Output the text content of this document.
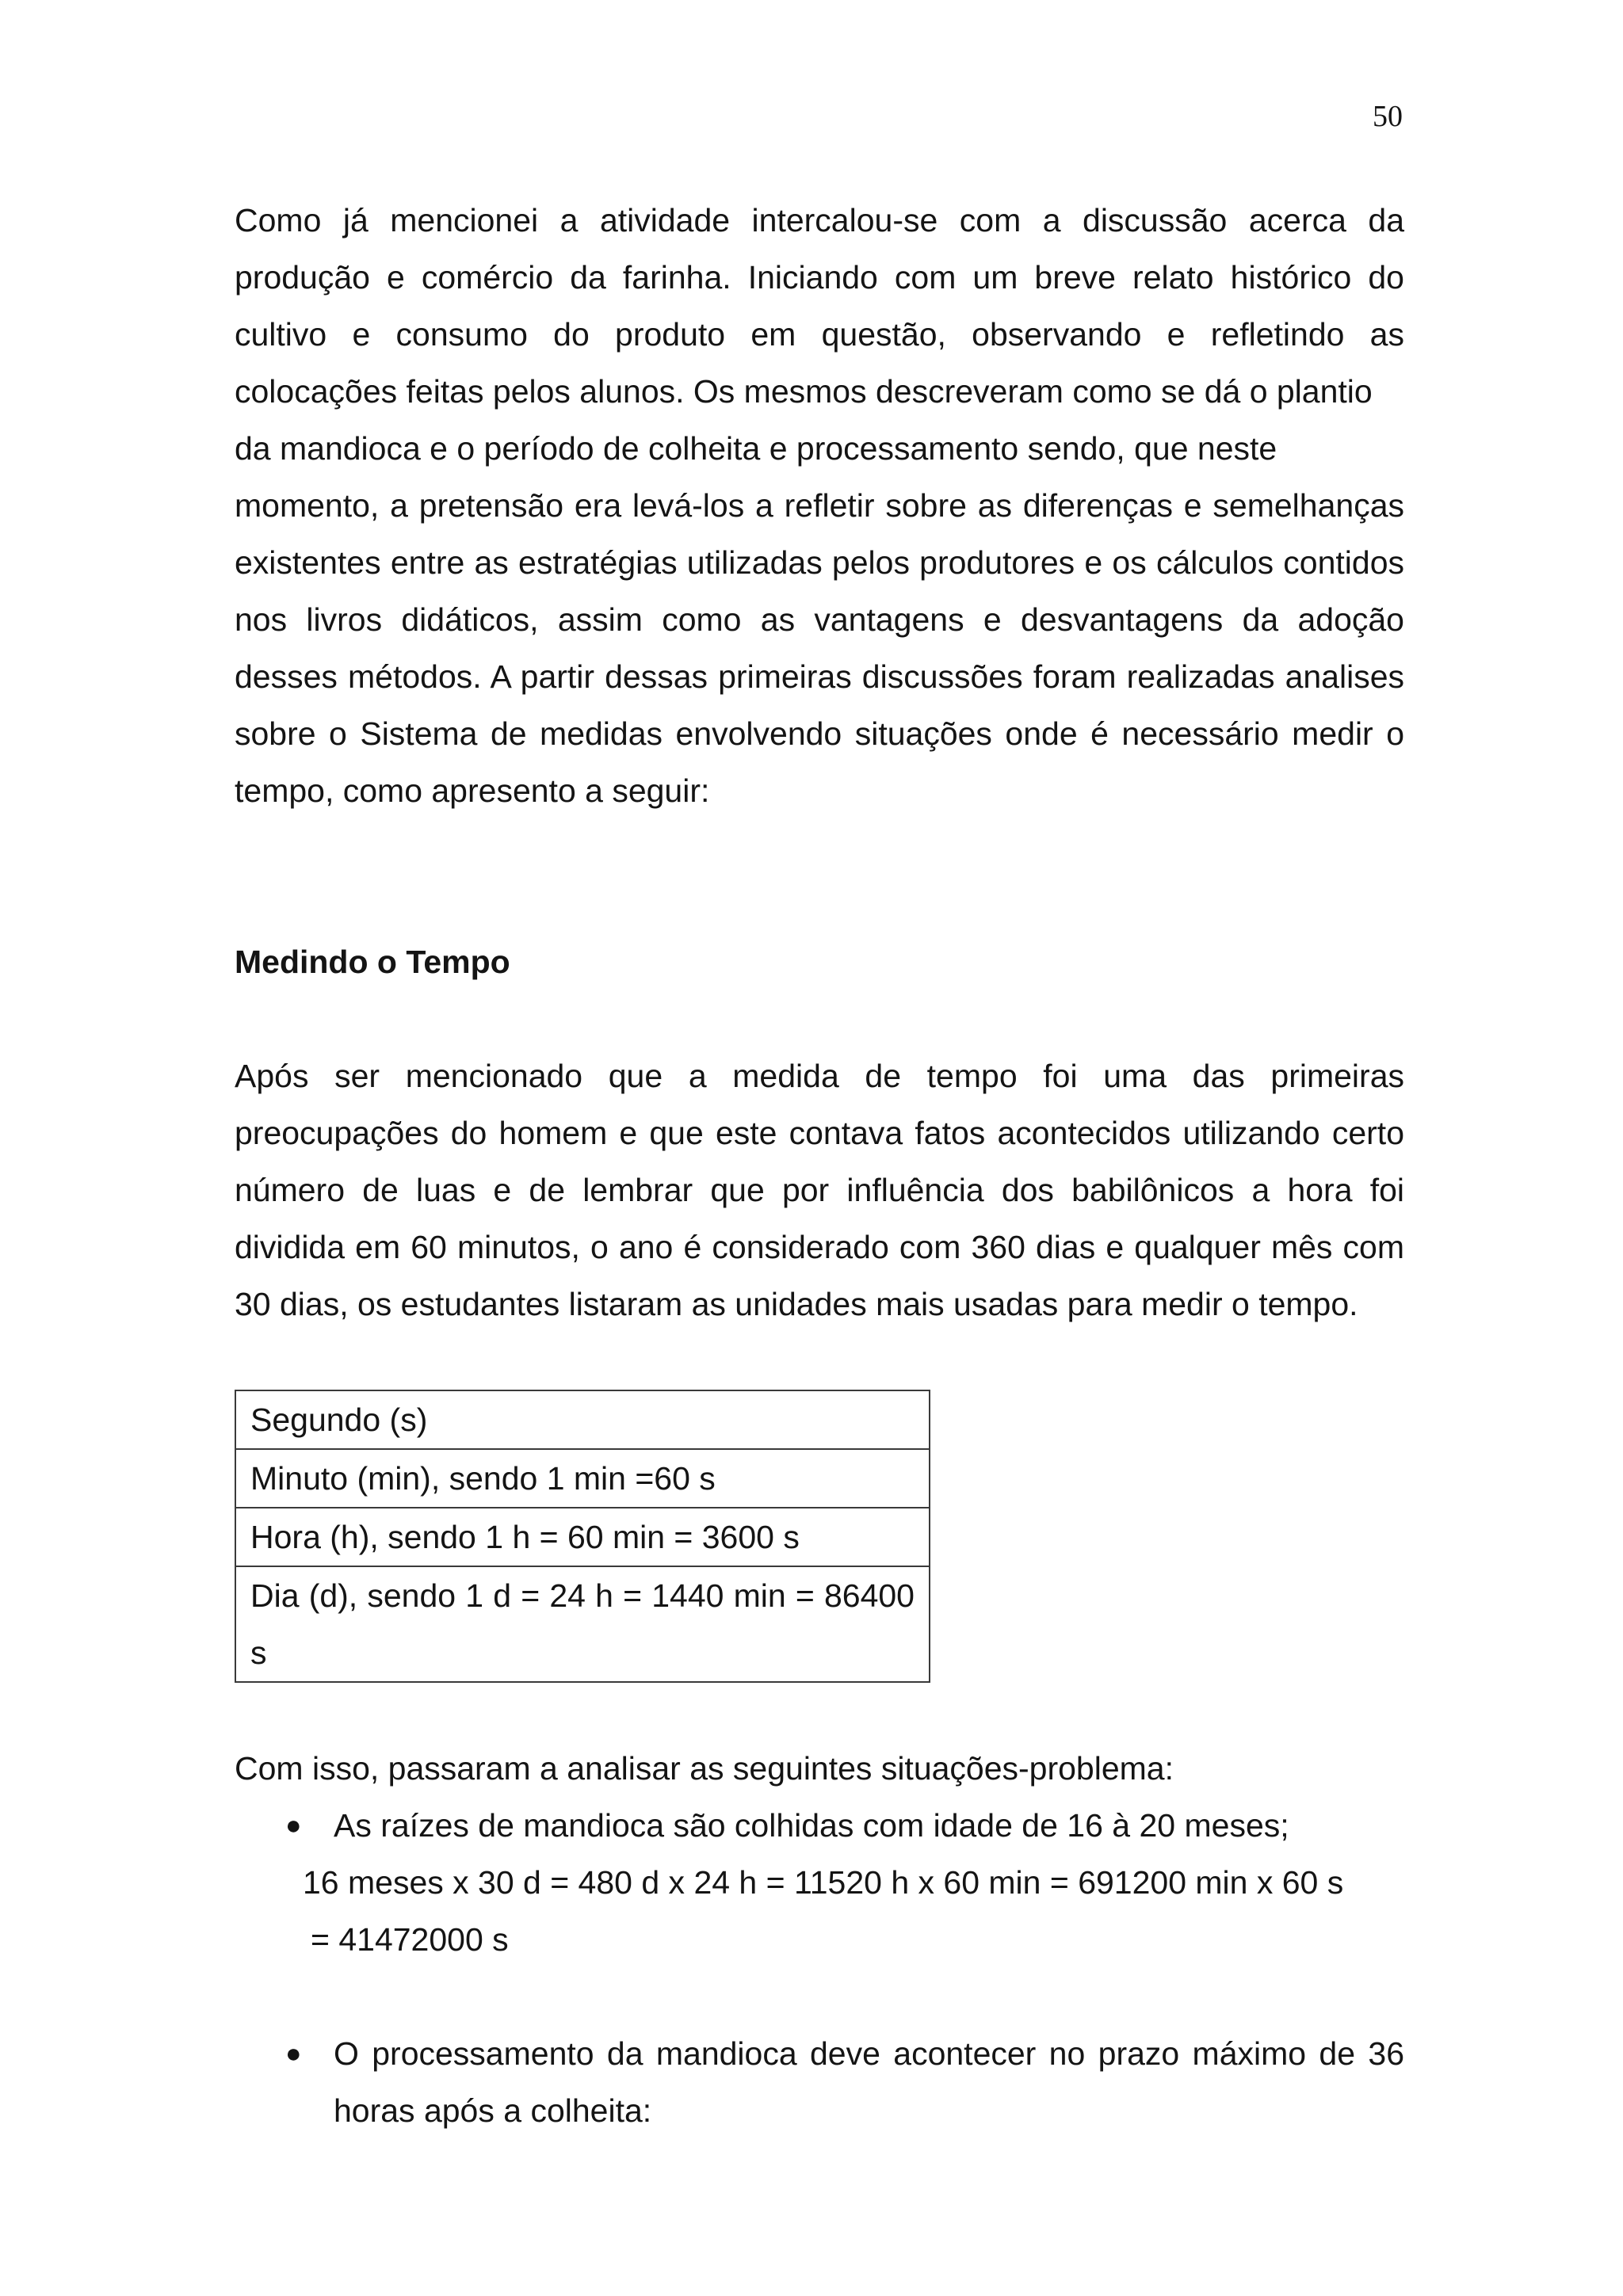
50

Como já mencionei a atividade intercalou-se com a discussão acerca da produção e comércio da farinha. Iniciando com um breve relato histórico do cultivo e consumo do produto em questão, observando e refletindo as colocações feitas pelos alunos. Os mesmos descreveram como se dá o plantio

da mandioca e o período de colheita e processamento sendo, que neste

momento, a pretensão era levá-los a refletir sobre as diferenças e semelhanças existentes entre as estratégias utilizadas pelos produtores e os cálculos contidos nos livros didáticos, assim como as vantagens e desvantagens da adoção desses métodos. A partir dessas primeiras discussões foram realizadas analises sobre o Sistema de medidas envolvendo situações onde é necessário medir o tempo, como apresento a seguir:

Medindo o Tempo

Após ser mencionado que a medida de tempo foi uma das primeiras preocupações do homem e que este contava fatos acontecidos utilizando certo número de luas e de lembrar que por influência dos babilônicos a hora foi dividida em 60 minutos, o ano é considerado com 360 dias e qualquer mês com 30 dias, os estudantes listaram as unidades mais usadas para medir o tempo.

Segundo (s)
Minuto (min), sendo 1 min =60 s
Hora (h), sendo 1 h = 60 min = 3600 s
Dia (d), sendo 1 d = 24 h = 1440 min = 86400 s

Com isso, passaram a analisar as seguintes situações-problema:

● As raízes de mandioca são colhidas com idade de 16 à 20 meses;

16 meses x 30 d = 480 d x 24 h = 11520 h x 60 min = 691200 min x 60 s

= 41472000 s

● O processamento da mandioca deve acontecer no prazo máximo de 36 horas após a colheita:
